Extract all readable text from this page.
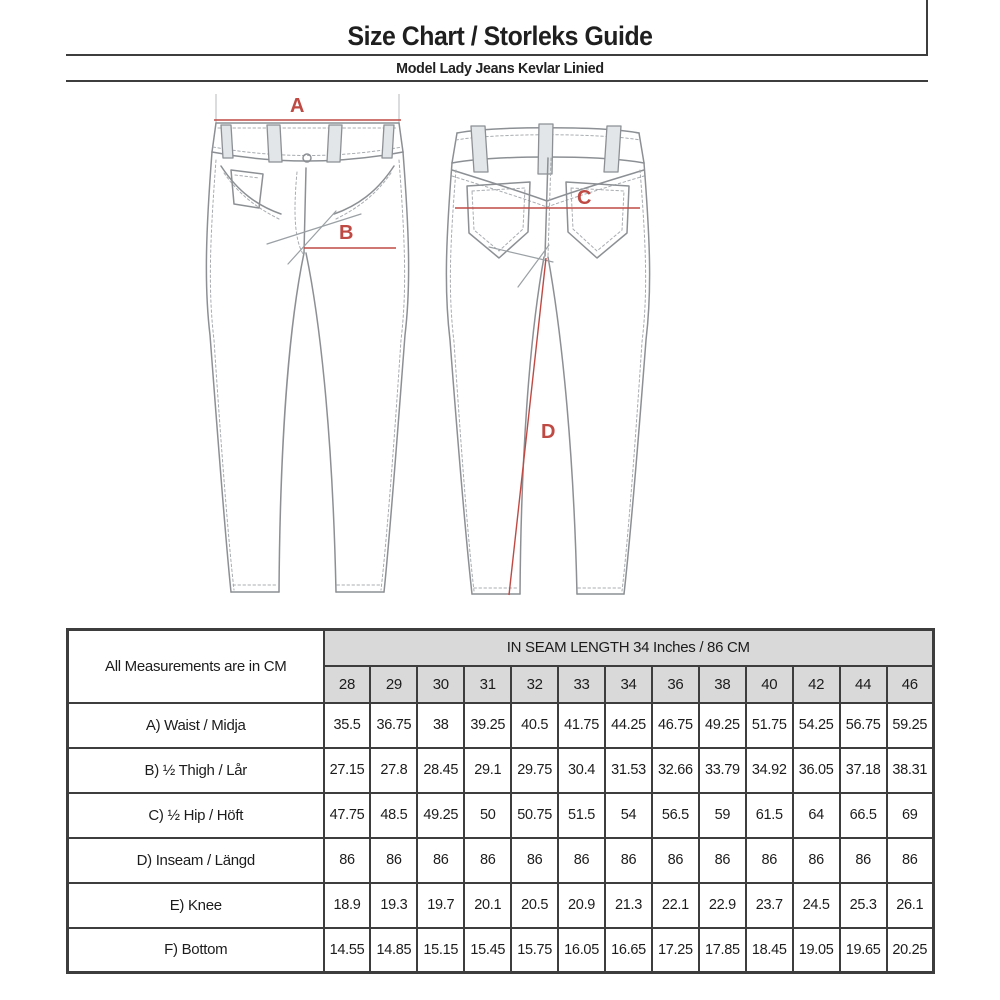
Size Chart / Storleks Guide
Model Lady Jeans Kevlar Linied
A
B
C
D
All Measurements are in CM	IN SEAM LENGTH 34 Inches / 86 CM												
	28	29	30	31	32	33	34	36	38	40	42	44	46
A) Waist / Midja	35.5	36.75	38	39.25	40.5	41.75	44.25	46.75	49.25	51.75	54.25	56.75	59.25
B) ½ Thigh / Lår	27.15	27.8	28.45	29.1	29.75	30.4	31.53	32.66	33.79	34.92	36.05	37.18	38.31
C) ½ Hip / Höft	47.75	48.5	49.25	50	50.75	51.5	54	56.5	59	61.5	64	66.5	69
D) Inseam / Längd	86	86	86	86	86	86	86	86	86	86	86	86	86
E) Knee	18.9	19.3	19.7	20.1	20.5	20.9	21.3	22.1	22.9	23.7	24.5	25.3	26.1
F) Bottom	14.55	14.85	15.15	15.45	15.75	16.05	16.65	17.25	17.85	18.45	19.05	19.65	20.25
